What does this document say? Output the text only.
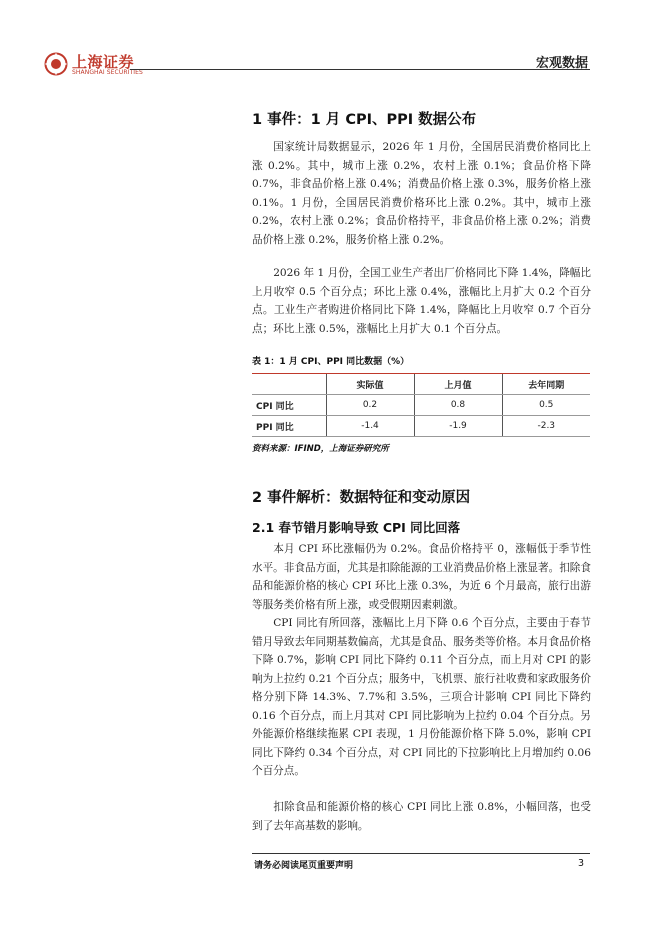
上海证券
SHANGHAI SECURITIES
宏观数据
1 事件：1 月 CPI、PPI 数据公布

国家统计局数据显示，2026 年 1 月份，全国居民消费价格同比上涨 0.2%。其中，城市上涨 0.2%，农村上涨 0.1%；食品价格下降 0.7%，非食品价格上涨 0.4%；消费品价格上涨 0.3%，服务价格上涨 0.1%。1 月份，全国居民消费价格环比上涨 0.2%。其中，城市上涨 0.2%，农村上涨 0.2%；食品价格持平，非食品价格上涨 0.2%；消费品价格上涨 0.2%，服务价格上涨 0.2%。

2026 年 1 月份，全国工业生产者出厂价格同比下降 1.4%，降幅比上月收窄 0.5 个百分点；环比上涨 0.4%，涨幅比上月扩大 0.2 个百分点。工业生产者购进价格同比下降 1.4%，降幅比上月收窄 0.7 个百分点；环比上涨 0.5%，涨幅比上月扩大 0.1 个百分点。

表 1：1 月 CPI、PPI 同比数据（%）
	实际值	上月值	去年同期
CPI 同比	0.2	0.8	0.5
PPI 同比	-1.4	-1.9	-2.3
资料来源：IFIND，上海证券研究所
2 事件解析：数据特征和变动原因
2.1 春节错月影响导致 CPI 同比回落

本月 CPI 环比涨幅仍为 0.2%。食品价格持平 0，涨幅低于季节性水平。非食品方面，尤其是扣除能源的工业消费品价格上涨显著。扣除食品和能源价格的核心 CPI 环比上涨 0.3%，为近 6 个月最高，旅行出游等服务类价格有所上涨，或受假期因素刺激。

CPI 同比有所回落，涨幅比上月下降 0.6 个百分点，主要由于春节错月导致去年同期基数偏高，尤其是食品、服务类等价格。本月食品价格下降 0.7%，影响 CPI 同比下降约 0.11 个百分点，而上月对 CPI 的影响为上拉约 0.21 个百分点；服务中，飞机票、旅行社收费和家政服务价格分别下降 14.3%、7.7%和 3.5%，三项合计影响 CPI 同比下降约 0.16 个百分点，而上月其对 CPI 同比影响为上拉约 0.04 个百分点。另外能源价格继续拖累 CPI 表现，1 月份能源价格下降 5.0%，影响 CPI 同比下降约 0.34 个百分点，对 CPI 同比的下拉影响比上月增加约 0.06 个百分点。

扣除食品和能源价格的核心 CPI 同比上涨 0.8%，小幅回落，也受到了去年高基数的影响。

请务必阅读尾页重要声明	3
